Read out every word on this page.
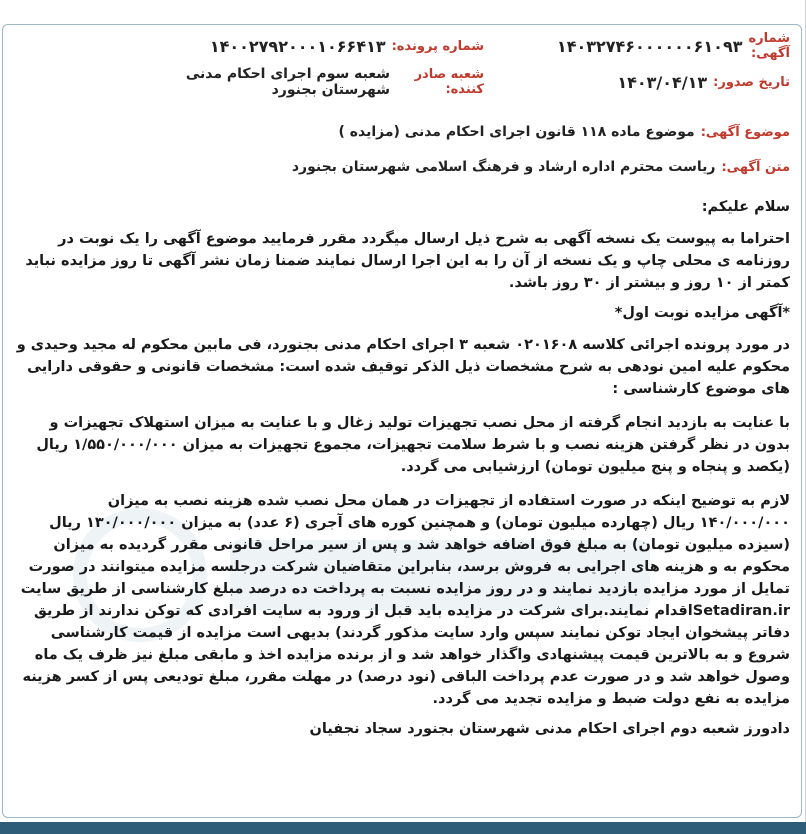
شماره آگهی:
۱۴۰۳۲۷۴۶۰۰۰۰۰۰۶۱۰۹۳
شماره پرونده:
۱۴۰۰۲۷۹۲۰۰۰۱۰۶۶۴۱۳
تاریخ صدور:
۱۴۰۳/۰۴/۱۳
شعبه صادر کننده:
شعبه سوم اجرای احکام مدنی شهرستان بجنورد
موضوع آگهی:
موضوع ماده ۱۱۸ قانون اجرای احکام مدنی (مزایده )
متن آگهی:
ریاست محترم اداره ارشاد و فرهنگ اسلامی شهرستان بجنورد

سلام علیکم:

احتراما به پیوست یک نسخه آگهی به شرح ذیل ارسال میگردد مقرر فرمایید موضوع آگهی را یک نوبت در روزنامه ی محلی چاپ و یک نسخه از آن را به این اجرا ارسال نمایند ضمنا زمان نشر آگهی تا روز مزایده نباید کمتر از ۱۰ روز و بیشتر از ۳۰ روز باشد.

*آگهی مزایده نوبت اول*

در مورد پرونده اجرائی کلاسه ۰۲۰۱۶۰۸ شعبه ۳ اجرای احکام مدنی بجنورد، فی مابین محکوم له مجید وحیدی و محکوم علیه امین نودهی به شرح مشخصات ذیل الذکر توقیف شده است: مشخصات قانونی و حقوقی دارایی های موضوع کارشناسی :

با عنایت به بازدید انجام گرفته از محل نصب تجهیزات تولید زغال و با عنایت به میزان استهلاک تجهیزات و بدون در نظر گرفتن هزینه نصب و با شرط سلامت تجهیزات، مجموع تجهیزات به میزان ۱/۵۵۰/۰۰۰/۰۰۰ ریال (یکصد و پنجاه و پنج میلیون تومان) ارزشیابی می گردد.

لازم به توضیح اینکه در صورت استفاده از تجهیزات در همان محل نصب شده هزینه نصب به میزان ۱۴۰/۰۰۰/۰۰۰ ریال (چهارده میلیون تومان) و همچنین کوره های آجری (۶ عدد) به میزان ۱۳۰/۰۰۰/۰۰۰ ریال (سیزده میلیون تومان) به مبلغ فوق اضافه خواهد شد و پس از سیر مراحل قانونی مقرر گردیده به میزان محکوم به و هزینه های اجرایی به فروش برسد، بنابراین متقاضیان شرکت درجلسه مزایده میتوانند در صورت تمایل از مورد مزایده بازدید نمایند و در روز مزایده نسبت به پرداخت ده درصد مبلغ کارشناسی از طریق سایت Setadiran.irاقدام نمایند.برای شرکت در مزایده باید قبل از ورود به سایت افرادی که توکن ندارند از طریق دفاتر پیشخوان ایجاد توکن نمایند سپس وارد سایت مذکور گردند) بدیهی است مزایده از قیمت کارشناسی شروع و به بالاترین قیمت پیشنهادی واگذار خواهد شد و از برنده مزایده اخذ و مابقی مبلغ نیز ظرف یک ماه وصول خواهد شد و در صورت عدم پرداخت الباقی (نود درصد) در مهلت مقرر، مبلغ تودیعی پس از کسر هزینه مزایده به نفع دولت ضبط و مزایده تجدید می گردد.

دادورز شعبه دوم اجرای احکام مدنی شهرستان بجنورد سجاد نجفیان
